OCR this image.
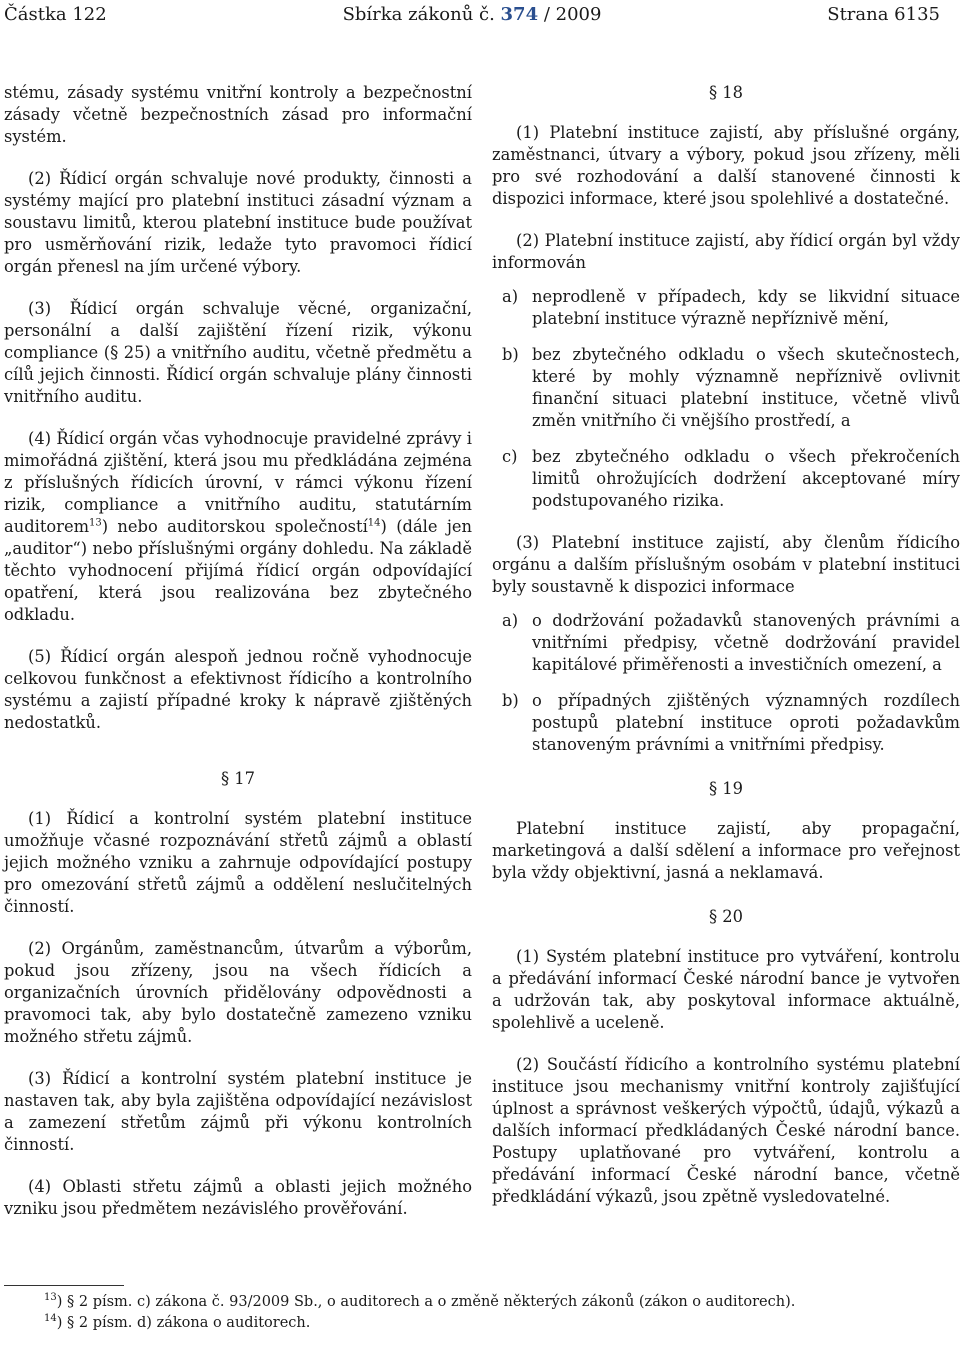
Částka 122	Sbírka zákonů č. 374 / 2009	Strana 6135

stému, zásady systému vnitřní kontroly a bezpečnostní zásady včetně bezpečnostních zásad pro informační systém.

(2) Řídicí orgán schvaluje nové produkty, činnosti a systémy mající pro platební instituci zásadní význam a soustavu limitů, kterou platební instituce bude používat pro usměrňování rizik, ledaže tyto pravomoci řídicí orgán přenesl na jím určené výbory.

(3) Řídicí orgán schvaluje věcné, organizační, personální a další zajištění řízení rizik, výkonu compliance (§ 25) a vnitřního auditu, včetně předmětu a cílů jejich činnosti. Řídicí orgán schvaluje plány činnosti vnitřního auditu.

(4) Řídicí orgán včas vyhodnocuje pravidelné zprávy i mimořádná zjištění, která jsou mu předkládána zejména z příslušných řídicích úrovní, v rámci výkonu řízení rizik, compliance a vnitřního auditu, statutárním auditorem$^{13}$) nebo auditorskou společností$^{14}$) (dále jen „auditor“) nebo příslušnými orgány dohledu. Na základě těchto vyhodnocení přijímá řídicí orgán odpovídající opatření, která jsou realizována bez zbytečného odkladu.

(5) Řídicí orgán alespoň jednou ročně vyhodnocuje celkovou funkčnost a efektivnost řídicího a kontrolního systému a zajistí případné kroky k nápravě zjištěných nedostatků.

§ 17

(1) Řídicí a kontrolní systém platební instituce umožňuje včasné rozpoznávání střetů zájmů a oblastí jejich možného vzniku a zahrnuje odpovídající postupy pro omezování střetů zájmů a oddělení neslučitelných činností.

(2) Orgánům, zaměstnancům, útvarům a výborům, pokud jsou zřízeny, jsou na všech řídicích a organizačních úrovních přidělovány odpovědnosti a pravomoci tak, aby bylo dostatečně zamezeno vzniku možného střetu zájmů.

(3) Řídicí a kontrolní systém platební instituce je nastaven tak, aby byla zajištěna odpovídající nezávislost a zamezení střetům zájmů při výkonu kontrolních činností.

(4) Oblasti střetu zájmů a oblasti jejich možného vzniku jsou předmětem nezávislého prověřování.

§ 18

(1) Platební instituce zajistí, aby příslušné orgány, zaměstnanci, útvary a výbory, pokud jsou zřízeny, měli pro své rozhodování a další stanovené činnosti k dispozici informace, které jsou spolehlivé a dostatečné.

(2) Platební instituce zajistí, aby řídicí orgán byl vždy informován

a) neprodleně v případech, kdy se likvidní situace platební instituce výrazně nepříznivě mění,
b) bez zbytečného odkladu o všech skutečnostech, které by mohly významně nepříznivě ovlivnit finanční situaci platební instituce, včetně vlivů změn vnitřního či vnějšího prostředí, a
c) bez zbytečného odkladu o všech překročeních limitů ohrožujících dodržení akceptované míry podstupovaného rizika.

(3) Platební instituce zajistí, aby členům řídicího orgánu a dalším příslušným osobám v platební instituci byly soustavně k dispozici informace

a) o dodržování požadavků stanovených právními a vnitřními předpisy, včetně dodržování pravidel kapitálové přiměřenosti a investičních omezení, a
b) o případných zjištěných významných rozdílech postupů platební instituce oproti požadavkům stanoveným právními a vnitřními předpisy.
§ 19

Platební instituce zajistí, aby propagační, marketingová a další sdělení a informace pro veřejnost byla vždy objektivní, jasná a neklamavá.

§ 20

(1) Systém platební instituce pro vytváření, kontrolu a předávání informací České národní bance je vytvořen a udržován tak, aby poskytoval informace aktuálně, spolehlivě a uceleně.

(2) Součástí řídicího a kontrolního systému platební instituce jsou mechanismy vnitřní kontroly zajišťující úplnost a správnost veškerých výpočtů, údajů, výkazů a dalších informací předkládaných České národní bance. Postupy uplatňované pro vytváření, kontrolu a předávání informací České národní bance, včetně předkládání výkazů, jsou zpětně vysledovatelné.

$^{13}$) § 2 písm. c) zákona č. 93/2009 Sb., o auditorech a o změně některých zákonů (zákon o auditorech).
$^{14}$) § 2 písm. d) zákona o auditorech.
